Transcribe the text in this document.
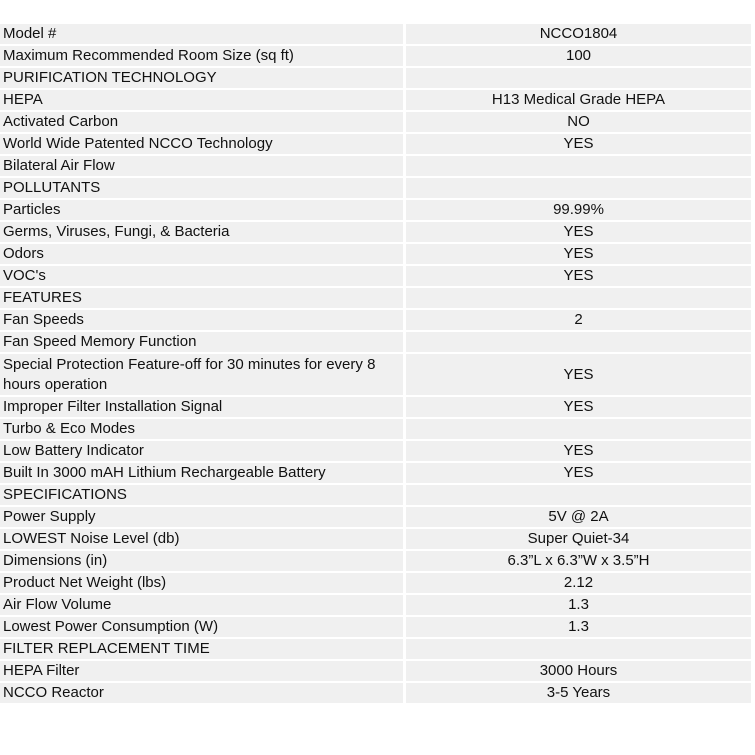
Model #	NCCO1804
Maximum Recommended Room Size (sq ft)	100
PURIFICATION TECHNOLOGY	
HEPA	H13 Medical Grade HEPA
Activated Carbon	NO
World Wide Patented NCCO Technology	YES
Bilateral Air Flow	
POLLUTANTS	
Particles	99.99%
Germs, Viruses, Fungi, & Bacteria	YES
Odors	YES
VOC's	YES
FEATURES	
Fan Speeds	2
Fan Speed Memory Function	
Special Protection Feature-off for 30 minutes for every 8 hours operation	YES
Improper Filter Installation Signal	YES
Turbo & Eco Modes	
Low Battery Indicator	YES
Built In 3000 mAH Lithium Rechargeable Battery	YES
SPECIFICATIONS	
Power Supply	5V @ 2A
LOWEST Noise Level (db)	Super Quiet-34
Dimensions (in)	6.3”L x 6.3”W x 3.5”H
Product Net Weight (lbs)	2.12
Air Flow Volume	1.3
Lowest Power Consumption (W)	1.3
FILTER REPLACEMENT TIME	
HEPA Filter	3000 Hours
NCCO Reactor	3-5 Years
